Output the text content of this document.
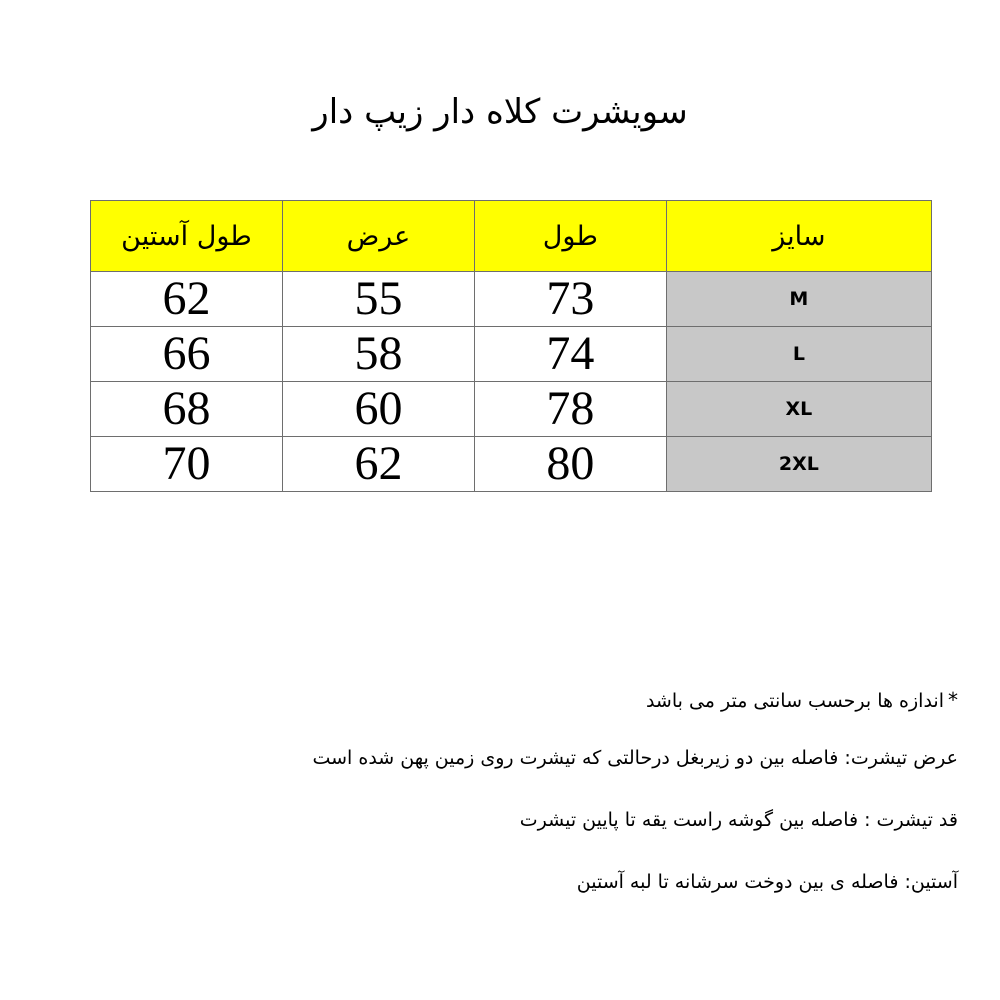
سویشرت کلاه دار زیپ دار
سایز	طول	عرض	طول آستین
M	73	55	62
L	74	58	66
XL	78	60	68
2XL	80	62	70
*اندازه ها برحسب سانتی متر می باشد
عرض تیشرت: فاصله بین دو زیربغل درحالتی که تیشرت روی زمین پهن شده است
قد تیشرت : فاصله بین گوشه راست یقه تا پایین تیشرت
آستین: فاصله ی بین دوخت سرشانه تا لبه آستین
